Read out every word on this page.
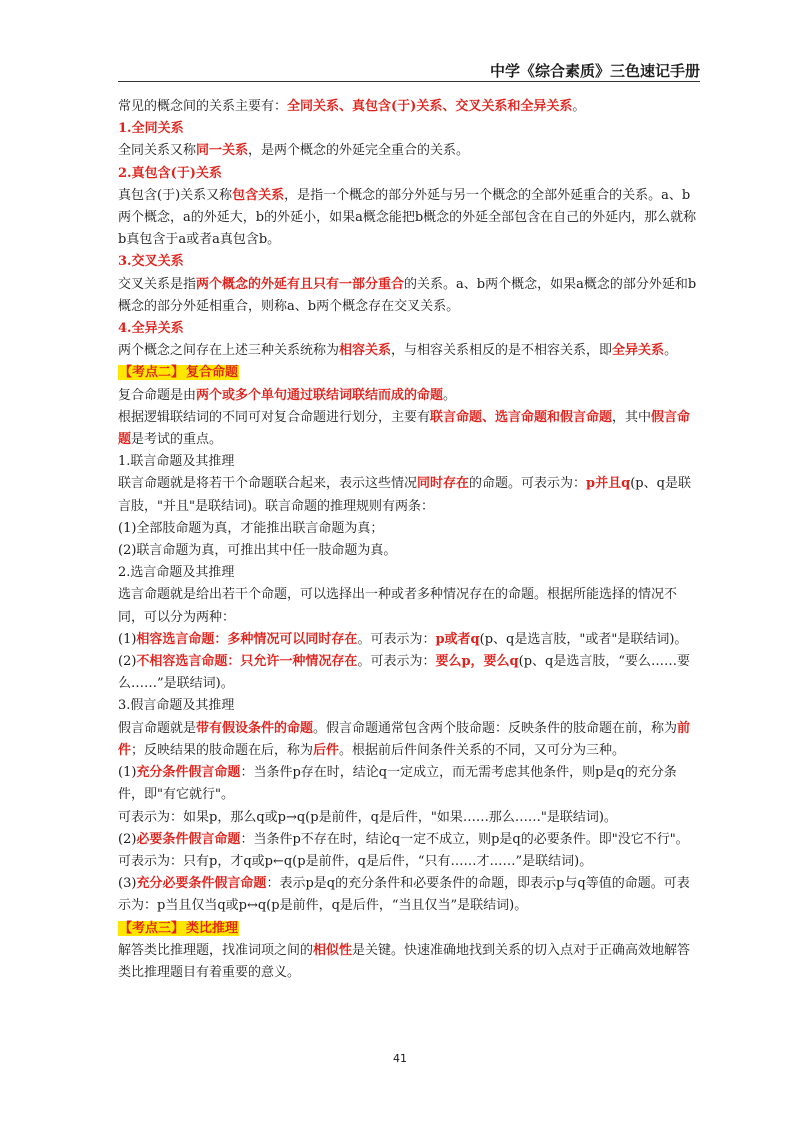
中学《综合素质》三色速记手册

常见的概念间的关系主要有：全同关系、真包含(于)关系、交叉关系和全异关系。

1.全同关系

全同关系又称同一关系，是两个概念的外延完全重合的关系。

2.真包含(于)关系

真包含(于)关系又称包含关系，是指一个概念的部分外延与另一个概念的全部外延重合的关系。a、b两个概念，a的外延大，b的外延小，如果a概念能把b概念的外延全部包含在自己的外延内，那么就称b真包含于a或者a真包含b。

3.交叉关系

交叉关系是指两个概念的外延有且只有一部分重合的关系。a、b两个概念，如果a概念的部分外延和b概念的部分外延相重合，则称a、b两个概念存在交叉关系。

4.全异关系

两个概念之间存在上述三种关系统称为相容关系，与相容关系相反的是不相容关系，即全异关系。

【考点二】 复合命题

复合命题是由两个或多个单句通过联结词联结而成的命题。

根据逻辑联结词的不同可对复合命题进行划分，主要有联言命题、选言命题和假言命题，其中假言命题是考试的重点。

1.联言命题及其推理

联言命题就是将若干个命题联合起来，表示这些情况同时存在的命题。可表示为：p并且q(p、q是联言肢，"并且"是联结词)。联言命题的推理规则有两条：

(1)全部肢命题为真，才能推出联言命题为真；

(2)联言命题为真，可推出其中任一肢命题为真。

2.选言命题及其推理

选言命题就是给出若干个命题，可以选择出一种或者多种情况存在的命题。根据所能选择的情况不同，可以分为两种：

(1)相容选言命题：多种情况可以同时存在。可表示为：p或者q(p、q是选言肢，"或者"是联结词)。

(2)不相容选言命题：只允许一种情况存在。可表示为：要么p，要么q(p、q是选言肢，“要么……要么……”是联结词)。

3.假言命题及其推理

假言命题就是带有假设条件的命题。假言命题通常包含两个肢命题：反映条件的肢命题在前，称为前件；反映结果的肢命题在后，称为后件。根据前后件间条件关系的不同，又可分为三种。

(1)充分条件假言命题：当条件p存在时，结论q一定成立，而无需考虑其他条件，则p是q的充分条件，即"有它就行"。

可表示为：如果p，那么q或p→q(p是前件，q是后件，"如果……那么……"是联结词)。

(2)必要条件假言命题：当条件p不存在时，结论q一定不成立，则p是q的必要条件。即"没它不行"。可表示为：只有p，才q或p←q(p是前件，q是后件，“只有……才……”是联结词)。

(3)充分必要条件假言命题：表示p是q的充分条件和必要条件的命题，即表示p与q等值的命题。可表示为：p当且仅当q或p↔q(p是前件，q是后件，“当且仅当”是联结词)。

【考点三】 类比推理

解答类比推理题，找准词项之间的相似性是关键。快速准确地找到关系的切入点对于正确高效地解答类比推理题目有着重要的意义。

41
